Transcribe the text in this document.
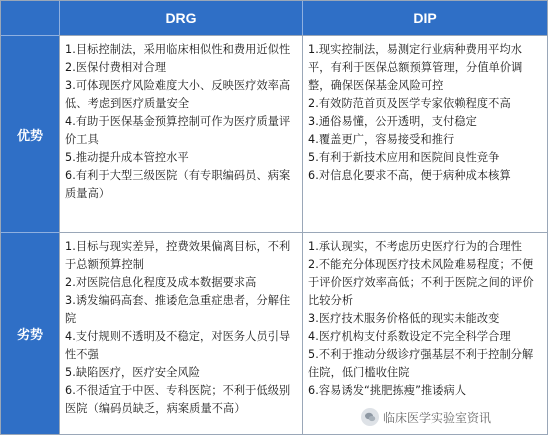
DRG	DIP
优势
劣势
1.目标控制法，采用临床相似性和费用近似性
2.医保付费相对合理
3.可体现医疗风险难度大小、反映医疗效率高低、考虑到医疗质量安全
4.有助于医保基金预算控制可作为医疗质量评价工具
5.推动提升成本管控水平
6.有利于大型三级医院（有专职编码员、病案质量高）
1.现实控制法，易测定行业病种费用平均水平，有利于医保总额预算管理，分值单价调整，确保医保基金风险可控
2.有效防范首页及医学专家依赖程度不高
3.通俗易懂，公开透明，支付稳定
4.覆盖更广，容易接受和推行
5.有利于新技术应用和医院间良性竞争
6.对信息化要求不高，便于病种成本核算
1.目标与现实差异，控费效果偏离目标，不利于总额预算控制
2.对医院信息化程度及成本数据要求高
3.诱发编码高套、推诿危急重症患者，分解住院
4.支付规则不透明及不稳定，对医务人员引导性不强
5.缺陷医疗，医疗安全风险
6.不很适宜于中医、专科医院；不利于低级别医院（编码员缺乏，病案质量不高）
1.承认现实，不考虑历史医疗行为的合理性
2.不能充分体现医疗技术风险难易程度；不便于评价医疗效率高低；不利于医院之间的评价比较分析
3.医疗技术服务价格低的现实未能改变
4.医疗机构支付系数设定不完全科学合理
5.不利于推动分级诊疗强基层不利于控制分解住院，低门槛收住院
6.容易诱发“挑肥拣瘦”推诿病人
临床医学实验室资讯
